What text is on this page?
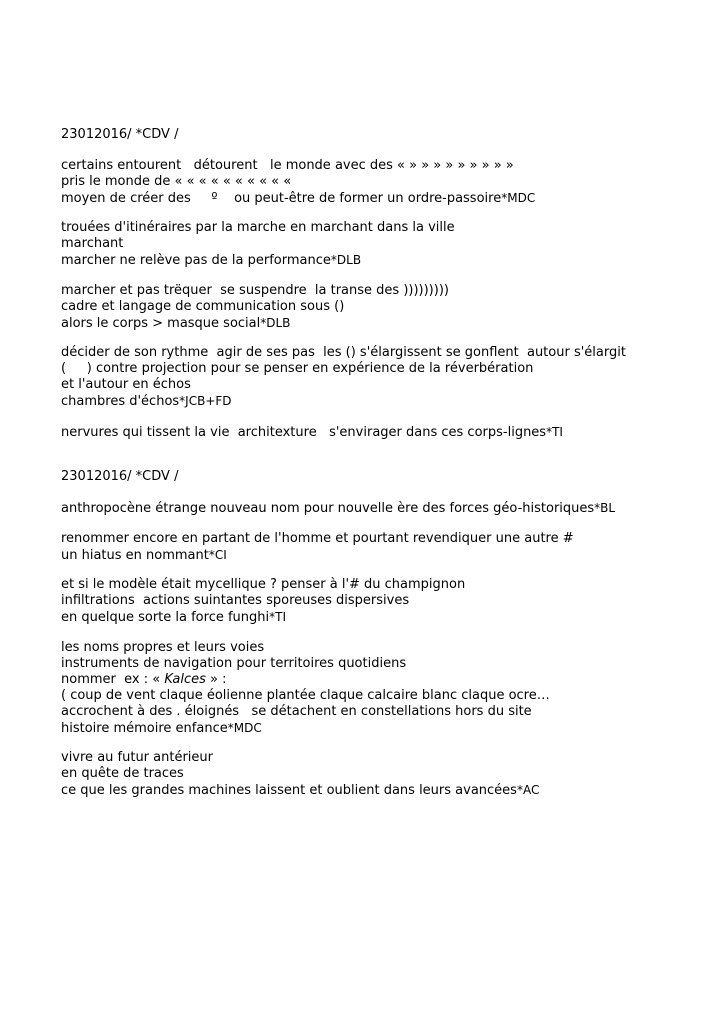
23012016/ *CDV /
certains entourent   détourent   le monde avec des « » » » » » » » » »
pris le monde de « « « « « « « « « «
moyen de créer des     º    ou peut-être de former un ordre-passoire*MDC
trouées d'itinéraires par la marche en marchant dans la ville
marchant
marcher ne relève pas de la performance*DLB
marcher et pas trëquer  se suspendre  la transe des )))))))))
cadre et langage de communication sous ()
alors le corps > masque social*DLB
décider de son rythme  agir de ses pas  les () s'élargissent se gonflent  autour s'élargit
(     ) contre projection pour se penser en expérience de la réverbération
et l'autour en échos
chambres d'échos*JCB+FD
nervures qui tissent la vie  architexture   s'envirager dans ces corps-lignes*TI
23012016/ *CDV /
anthropocène étrange nouveau nom pour nouvelle ère des forces géo-historiques*BL
renommer encore en partant de l'homme et pourtant revendiquer une autre #
un hiatus en nommant*CI
et si le modèle était mycellique ? penser à l'# du champignon
infiltrations  actions suintantes sporeuses dispersives
en quelque sorte la force funghi*TI
les noms propres et leurs voies
instruments de navigation pour territoires quotidiens
nommer  ex : « Kalces » :
( coup de vent claque éolienne plantée claque calcaire blanc claque ocre…
accrochent à des . éloignés   se détachent en constellations hors du site
histoire mémoire enfance*MDC
vivre au futur antérieur
en quête de traces
ce que les grandes machines laissent et oublient dans leurs avancées*AC
